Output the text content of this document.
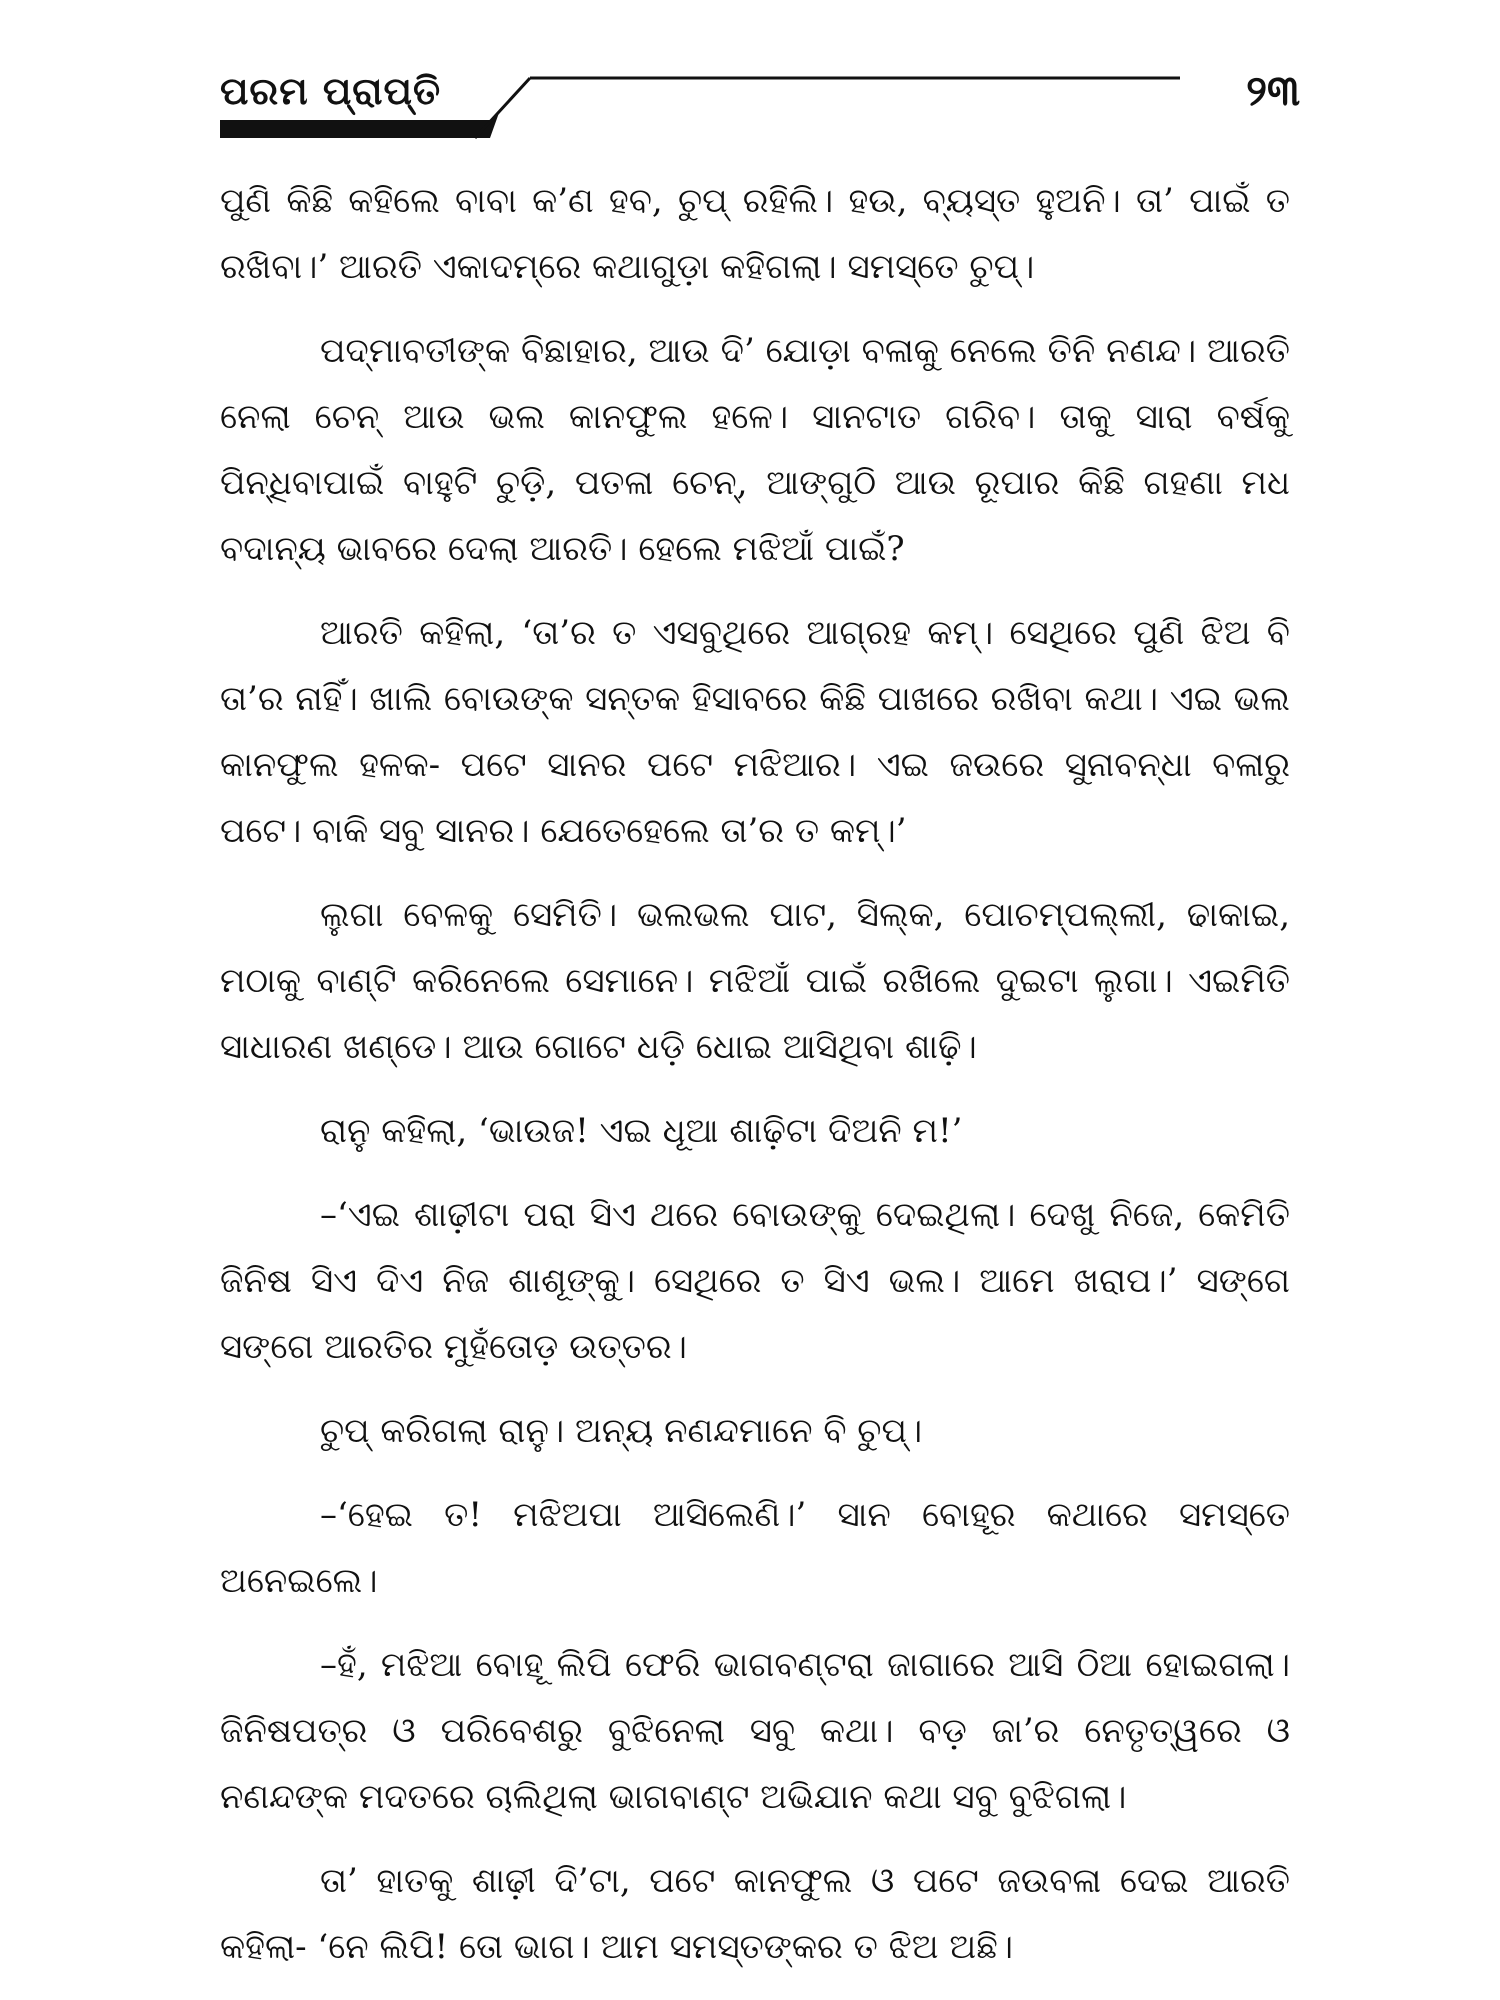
ପରମ ପ୍ରାପ୍ତି	୨୩

ପୁଣି କିଛି କହିଲେ ବାବା କ’ଣ ହବ, ଚୁପ୍ ରହିଲି। ହଉ, ବ୍ୟସ୍ତ ହୁଅନି। ତା’ ପାଇଁ ତ ରଖିବା।’ ଆରତି ଏକାଦମ୍‌ରେ କଥାଗୁଡ଼ା କହିଗଲା। ସମସ୍ତେ ଚୁପ୍।

ପଦ୍ମାବତୀଙ୍କ ବିଛାହାର, ଆଉ ଦି’ ଯୋଡ଼ା ବଳାକୁ ନେଲେ ତିନି ନଣନ୍ଦ। ଆରତି ନେଲା ଚେନ୍ ଆଉ ଭଲ କାନଫୁଲ ହଳେ। ସାନଟାତ ଗରିବ। ତାକୁ ସାରା ବର୍ଷକୁ ପିନ୍ଧିବାପାଇଁ ବାହୁଟି ଚୁଡ଼ି, ପତଳା ଚେନ୍, ଆଙ୍ଗୁଠି ଆଉ ରୂପାର କିଛି ଗହଣା ମଧ ବଦାନ୍ୟ ଭାବରେ ଦେଲା ଆରତି। ହେଲେ ମଝିଆଁ ପାଇଁ?

ଆରତି କହିଲା, ‘ତା’ର ତ ଏସବୁଥିରେ ଆଗ୍ରହ କମ୍। ସେଥିରେ ପୁଣି ଝିଅ ବି ତା’ର ନାହିଁ। ଖାଲି ବୋଉଙ୍କ ସନ୍ତକ ହିସାବରେ କିଛି ପାଖରେ ରଖିବା କଥା। ଏଇ ଭଲ କାନଫୁଲ ହଳକ- ପଟେ ସାନର ପଟେ ମଝିଆର। ଏଇ ଜଉରେ ସୁନାବନ୍ଧା ବଳାରୁ ପଟେ। ବାକି ସବୁ ସାନର। ଯେତେହେଲେ ତା’ର ତ କମ୍।’

ଲୁଗା ବେଳକୁ ସେମିତି। ଭଲଭଲ ପାଟ, ସିଲ୍‌କ, ପୋଚମ୍‌ପଲ୍ଲୀ, ଢାକାଇ, ମଠାକୁ ବାଣ୍ଟି କରିନେଲେ ସେମାନେ। ମଝିଆଁ ପାଇଁ ରଖିଲେ ଦୁଇଟା ଲୁଗା। ଏଇମିତି ସାଧାରଣ ଖଣ୍ଡେ। ଆଉ ଗୋଟେ ଧଡ଼ି ଧୋଇ ଆସିଥିବା ଶାଢ଼ି।

ରାନୁ କହିଲା, ‘ଭାଉଜ! ଏଇ ଧୂଆ ଶାଢ଼ିଟା ଦିଅନି ମ!’

–‘ଏଇ ଶାଢ଼ୀଟା ପରା ସିଏ ଥରେ ବୋଉଙ୍କୁ ଦେଇଥିଲା। ଦେଖୁ ନିଜେ, କେମିତି ଜିନିଷ ସିଏ ଦିଏ ନିଜ ଶାଶୂଙ୍କୁ। ସେଥିରେ ତ ସିଏ ଭଲ। ଆମେ ଖରାପ।’ ସଙ୍ଗେ ସଙ୍ଗେ ଆରତିର ମୁହଁତୋଡ଼ ଉତ୍ତର।

ଚୁପ୍ କରିଗଲା ରାନୁ। ଅନ୍ୟ ନଣନ୍ଦମାନେ ବି ଚୁପ୍।

–‘ହେଇ ତ! ମଝିଅପା ଆସିଲେଣି।’ ସାନ ବୋହୂର କଥାରେ ସମସ୍ତେ ଅନେଇଲେ।

–ହଁ, ମଝିଆ ବୋହୂ ଲିପି ଫେରି ଭାଗବଣ୍ଟରା ଜାଗାରେ ଆସି ଠିଆ ହୋଇଗଲା। ଜିନିଷପତ୍ର ଓ ପରିବେଶରୁ ବୁଝିନେଲା ସବୁ କଥା। ବଡ଼ ଜା’ର ନେତୃତ୍ୱରେ ଓ ନଣନ୍ଦଙ୍କ ମଦତରେ ଚାଲିଥିଲା ଭାଗବାଣ୍ଟ ଅଭିଯାନ କଥା ସବୁ ବୁଝିଗଲା।

ତା’ ହାତକୁ ଶାଢ଼ୀ ଦି’ଟା, ପଟେ କାନଫୁଲ ଓ ପଟେ ଜଉବଳା ଦେଇ ଆରତି କହିଲା- ‘ନେ ଲିପି! ତୋ ଭାଗ। ଆମ ସମସ୍ତଙ୍କର ତ ଝିଅ ଅଛି।
